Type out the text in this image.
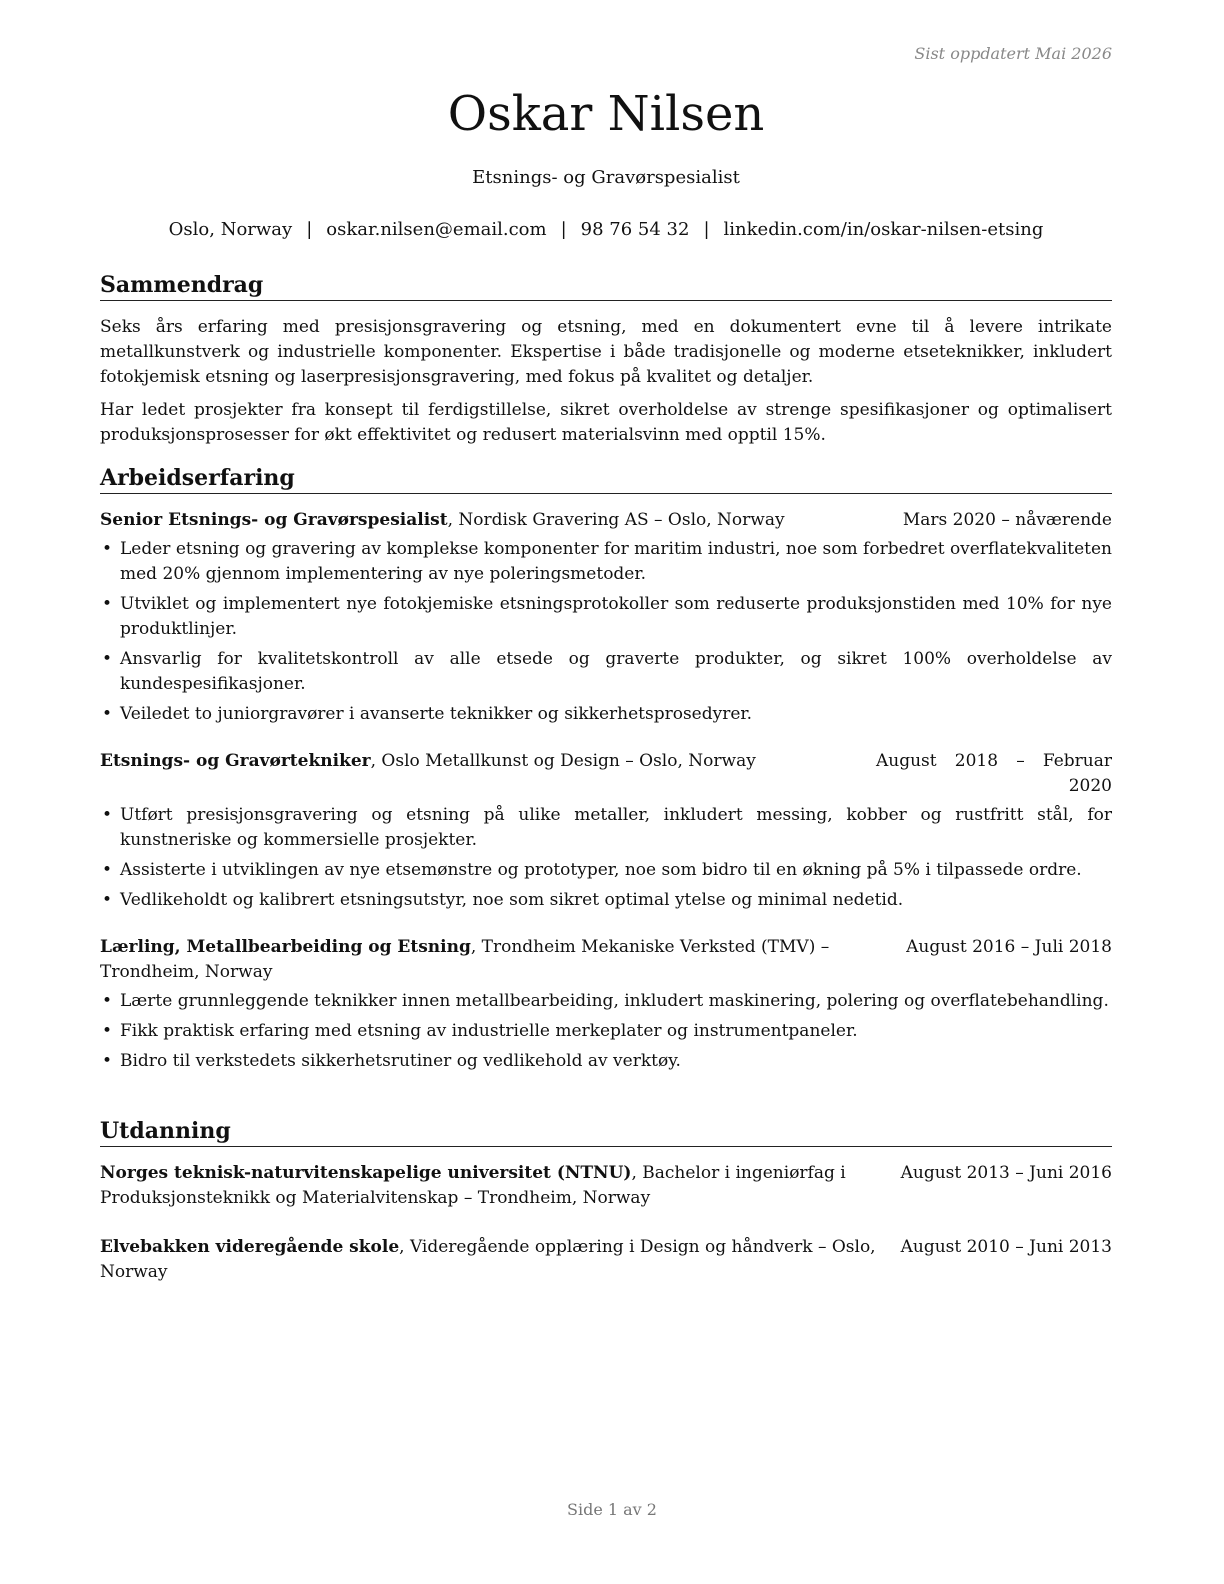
Sist oppdatert Mai 2026
Oskar Nilsen
Etsnings- og Gravørspesialist
Oslo, Norway | oskar.nilsen@email.com | 98 76 54 32 | linkedin.com/in/oskar-nilsen-etsing
Sammendrag

Seks års erfaring med presisjonsgravering og etsning, med en dokumentert evne til å levere intrikate metallkunstverk og industrielle komponenter. Ekspertise i både tradisjonelle og moderne etseteknikker, inkludert fotokjemisk etsning og laserpresisjonsgravering, med fokus på kvalitet og detaljer.

Har ledet prosjekter fra konsept til ferdigstillelse, sikret overholdelse av strenge spesifikasjoner og optimalisert produksjonsprosesser for økt effektivitet og redusert materialsvinn med opptil 15%.

Arbeidserfaring
Senior Etsnings- og Gravørspesialist, Nordisk Gravering AS – Oslo, Norway	Mars 2020 – nåværende
• Leder etsning og gravering av komplekse komponenter for maritim industri, noe som forbedret overflatekvaliteten med 20% gjennom implementering av nye poleringsmetoder.
• Utviklet og implementert nye fotokjemiske etsningsprotokoller som reduserte produksjonstiden med 10% for nye produktlinjer.
• Ansvarlig for kvalitetskontroll av alle etsede og graverte produkter, og sikret 100% overholdelse av kundespesifikasjoner.
• Veiledet to juniorgravører i avanserte teknikker og sikkerhetsprosedyrer.
Etsnings- og Gravørtekniker, Oslo Metallkunst og Design – Oslo, Norway	August 2018 – Februar 2020
• Utført presisjonsgravering og etsning på ulike metaller, inkludert messing, kobber og rustfritt stål, for kunstneriske og kommersielle prosjekter.
• Assisterte i utviklingen av nye etsemønstre og prototyper, noe som bidro til en økning på 5% i tilpassede ordre.
• Vedlikeholdt og kalibrert etsningsutstyr, noe som sikret optimal ytelse og minimal nedetid.
Lærling, Metallbearbeiding og Etsning, Trondheim Mekaniske Verksted (TMV) – Trondheim, Norway
August 2016 – Juli 2018
• Lærte grunnleggende teknikker innen metallbearbeiding, inkludert maskinering, polering og overflatebehandling.
• Fikk praktisk erfaring med etsning av industrielle merkeplater og instrumentpaneler.
• Bidro til verkstedets sikkerhetsrutiner og vedlikehold av verktøy.
Utdanning
Norges teknisk-naturvitenskapelige universitet (NTNU), Bachelor i ingeniørfag i Produksjonsteknikk og Materialvitenskap – Trondheim, Norway
August 2013 – Juni 2016
Elvebakken videregående skole, Videregående opplæring i Design og håndverk – Oslo, Norway
August 2010 – Juni 2013
Side 1 av 2
